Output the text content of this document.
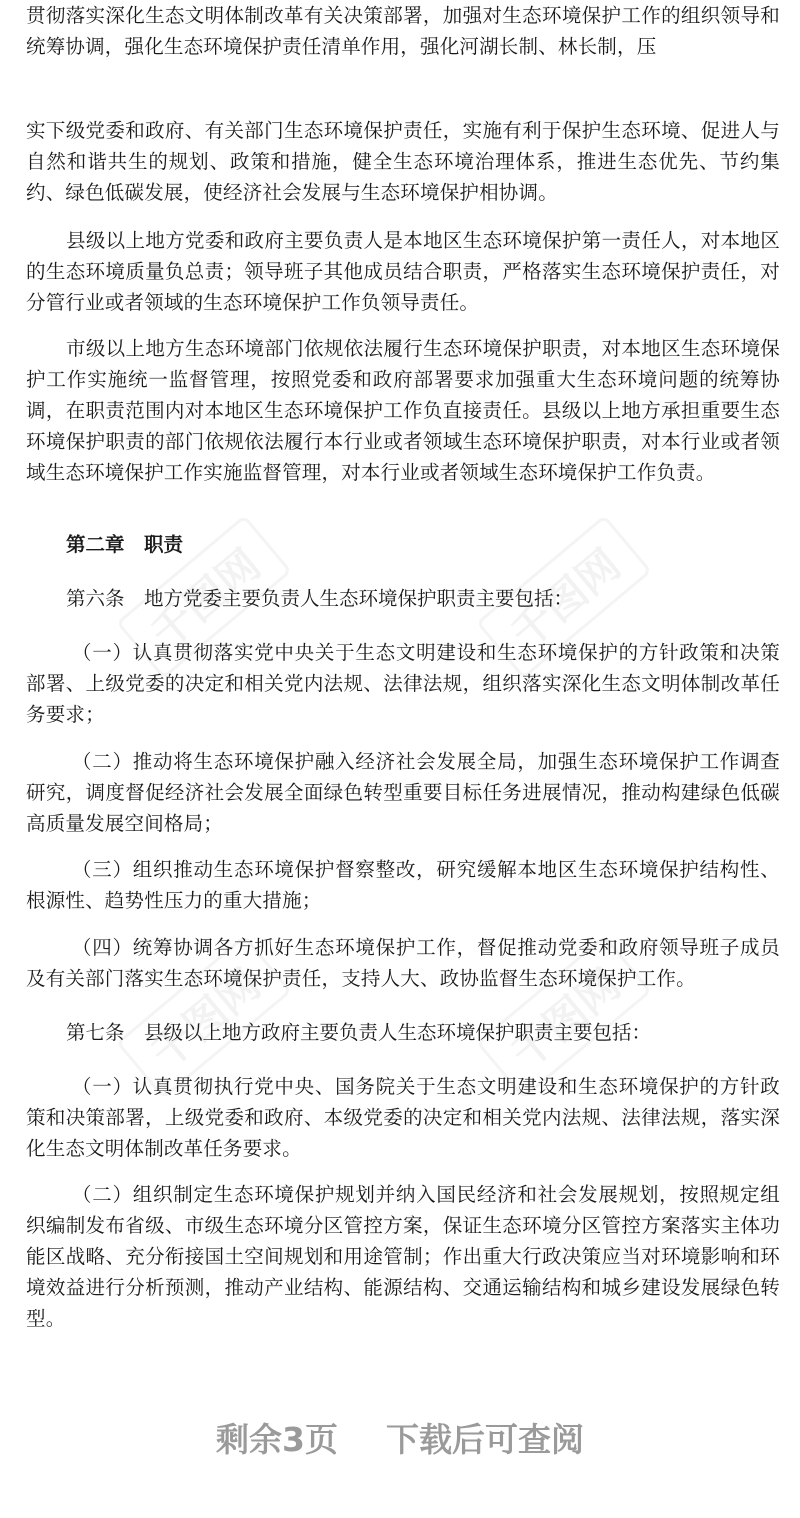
千图网	千图网
千图网	千图网

贯彻落实深化生态文明体制改革有关决策部署，加强对生态环境保护工作的组织领导和统筹协调，强化生态环境保护责任清单作用，强化河湖长制、林长制，压

实下级党委和政府、有关部门生态环境保护责任，实施有利于保护生态环境、促进人与自然和谐共生的规划、政策和措施，健全生态环境治理体系，推进生态优先、节约集约、绿色低碳发展，使经济社会发展与生态环境保护相协调。

县级以上地方党委和政府主要负责人是本地区生态环境保护第一责任人，对本地区的生态环境质量负总责；领导班子其他成员结合职责，严格落实生态环境保护责任，对分管行业或者领域的生态环境保护工作负领导责任。

市级以上地方生态环境部门依规依法履行生态环境保护职责，对本地区生态环境保护工作实施统一监督管理，按照党委和政府部署要求加强重大生态环境问题的统筹协调，在职责范围内对本地区生态环境保护工作负直接责任。县级以上地方承担重要生态环境保护职责的部门依规依法履行本行业或者领域生态环境保护职责，对本行业或者领域生态环境保护工作实施监督管理，对本行业或者领域生态环境保护工作负责。

第二章　职责

第六条　地方党委主要负责人生态环境保护职责主要包括：

（一）认真贯彻落实党中央关于生态文明建设和生态环境保护的方针政策和决策部署、上级党委的决定和相关党内法规、法律法规，组织落实深化生态文明体制改革任务要求；

（二）推动将生态环境保护融入经济社会发展全局，加强生态环境保护工作调查研究，调度督促经济社会发展全面绿色转型重要目标任务进展情况，推动构建绿色低碳高质量发展空间格局；

（三）组织推动生态环境保护督察整改，研究缓解本地区生态环境保护结构性、根源性、趋势性压力的重大措施；

（四）统筹协调各方抓好生态环境保护工作，督促推动党委和政府领导班子成员及有关部门落实生态环境保护责任，支持人大、政协监督生态环境保护工作。

第七条　县级以上地方政府主要负责人生态环境保护职责主要包括：

（一）认真贯彻执行党中央、国务院关于生态文明建设和生态环境保护的方针政策和决策部署，上级党委和政府、本级党委的决定和相关党内法规、法律法规，落实深化生态文明体制改革任务要求。

（二）组织制定生态环境保护规划并纳入国民经济和社会发展规划，按照规定组织编制发布省级、市级生态环境分区管控方案，保证生态环境分区管控方案落实主体功能区战略、充分衔接国土空间规划和用途管制；作出重大行政决策应当对环境影响和环境效益进行分析预测，推动产业结构、能源结构、交通运输结构和城乡建设发展绿色转型。

剩余3页 下载后可查阅
